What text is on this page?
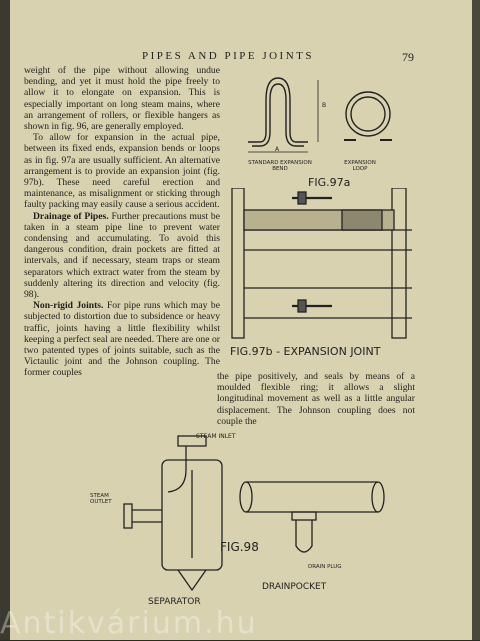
PIPES AND PIPE JOINTS	79

weight of the pipe without allowing undue bending, and yet it must hold the pipe freely to allow it to elongate on expansion. This is especially important on long steam mains, where an arrangement of rollers, or flexible hangers as shown in fig. 96, are generally employed.

To allow for expansion in the actual pipe, between its fixed ends, expansion bends or loops as in fig. 97a are usually sufficient. An alternative arrangement is to provide an expansion joint (fig. 97b). These need careful erection and maintenance, as misalignment or sticking through faulty packing may easily cause a serious accident.

Drainage of Pipes. Further precautions must be taken in a steam pipe line to prevent water condensing and accumulating. To avoid this dangerous condition, drain pockets are fitted at intervals, and if necessary, steam traps or steam separators which extract water from the steam by suddenly altering its direction and velocity (fig. 98).

Non-rigid Joints. For pipe runs which may be subjected to distortion due to subsidence or heavy traffic, joints having a little flexibility whilst keeping a perfect seal are needed. There are one or two patented types of joints suitable, such as the Victaulic joint and the Johnson coupling. The former couples	the pipe positively, and seals by means of a moulded flexible ring; it allows a slight longitudinal movement as well as a little angular displacement. The Johnson coupling does not couple the

A
B
STANDARD EXPANSION BEND
EXPANSION LOOP
FIG.97a
FIG.97b - EXPANSION JOINT
STEAM INLET
STEAM OUTLET
SEPARATOR
DRAIN PLUG
FIG.98
DRAINPOCKET
Antikvárium.hu
